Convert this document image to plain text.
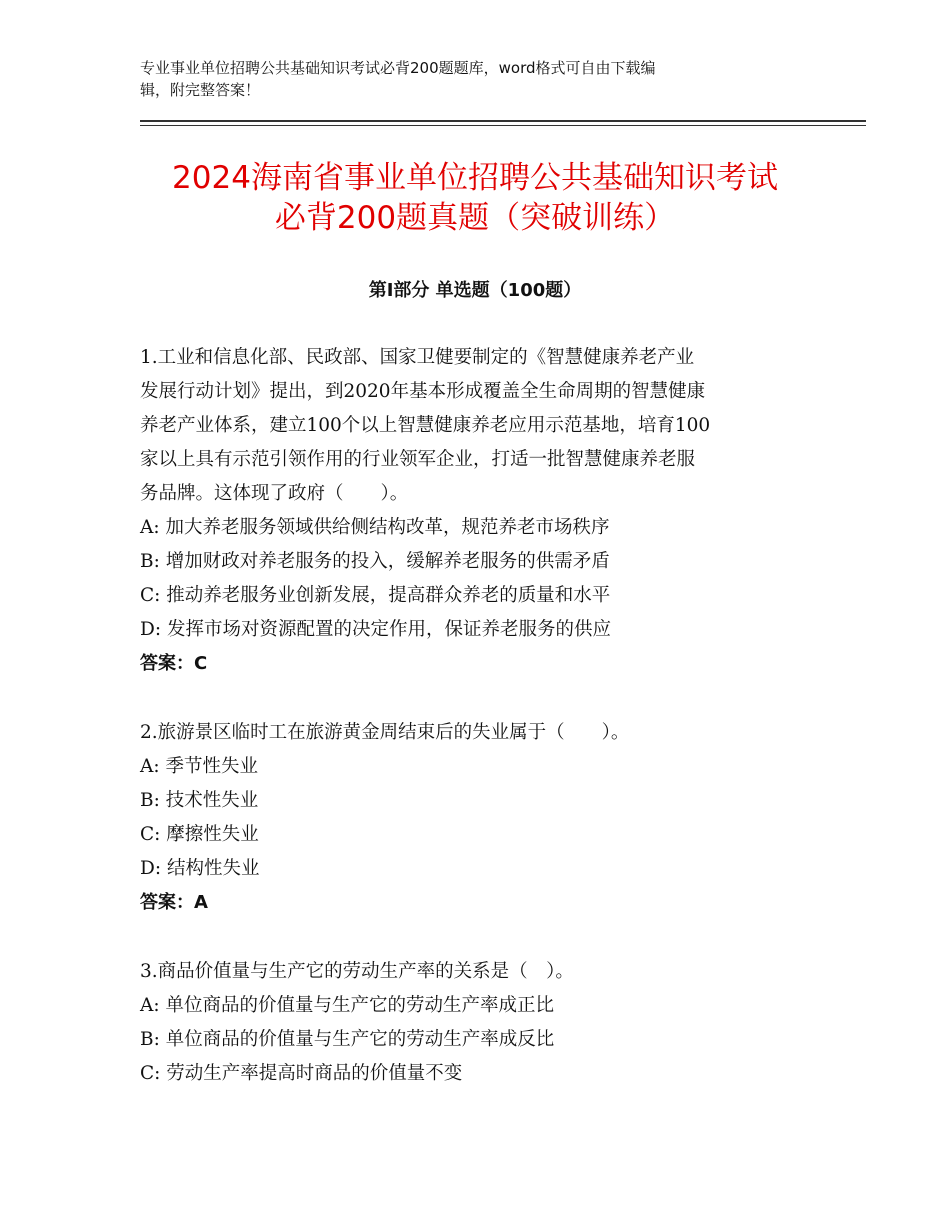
专业事业单位招聘公共基础知识考试必背200题题库，word格式可自由下载编
辑，附完整答案！
2024海南省事业单位招聘公共基础知识考试
必背200题真题（突破训练）
第Ⅰ部分 单选题（100题）
1.工业和信息化部、民政部、国家卫健要制定的《智慧健康养老产业
发展行动计划》提出，到2020年基本形成覆盖全生命周期的智慧健康
养老产业体系，建立100个以上智慧健康养老应用示范基地，培育100
家以上具有示范引领作用的行业领军企业，打适一批智慧健康养老服
务品牌。这体现了政府（　　）。
A: 加大养老服务领域供给侧结构改革，规范养老市场秩序
B: 增加财政对养老服务的投入，缓解养老服务的供需矛盾
C: 推动养老服务业创新发展，提高群众养老的质量和水平
D: 发挥市场对资源配置的决定作用，保证养老服务的供应
答案：C
2.旅游景区临时工在旅游黄金周结束后的失业属于（　　）。
A: 季节性失业
B: 技术性失业
C: 摩擦性失业
D: 结构性失业
答案：A
3.商品价值量与生产它的劳动生产率的关系是（　）。
A: 单位商品的价值量与生产它的劳动生产率成正比
B: 单位商品的价值量与生产它的劳动生产率成反比
C: 劳动生产率提高时商品的价值量不变
